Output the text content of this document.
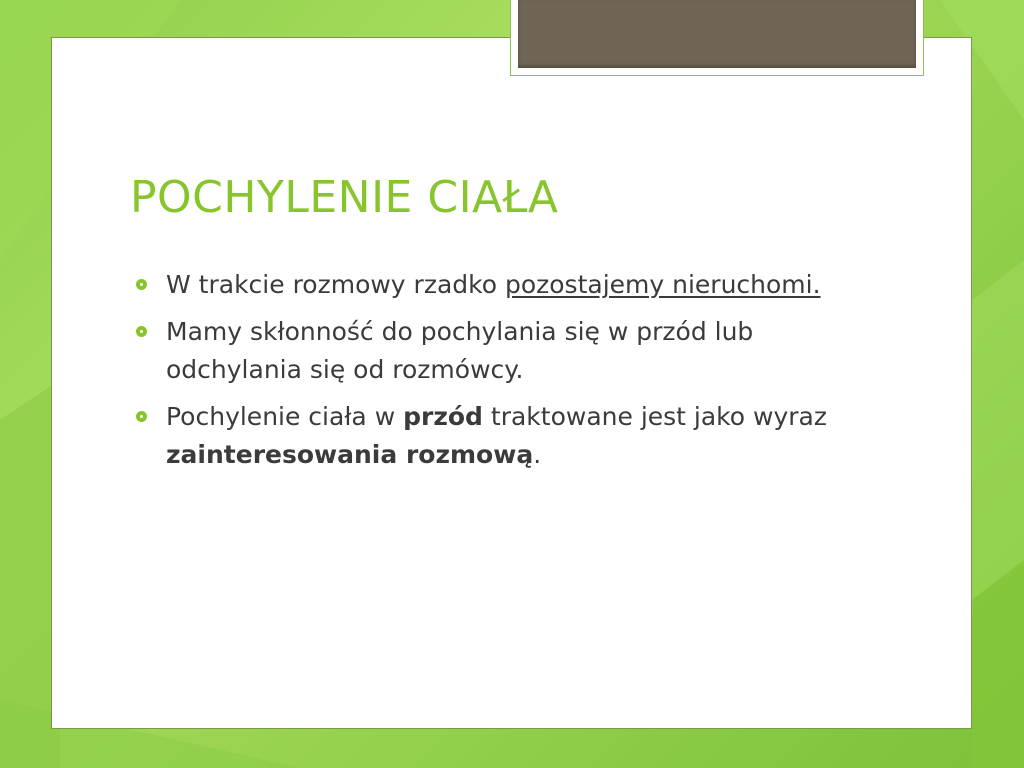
POCHYLENIE CIAŁA
W trakcie rozmowy rzadko pozostajemy nieruchomi.
Mamy skłonność do pochylania się w przód lub odchylania się od rozmówcy.
Pochylenie ciała w przód traktowane jest jako wyraz zainteresowania rozmową.
